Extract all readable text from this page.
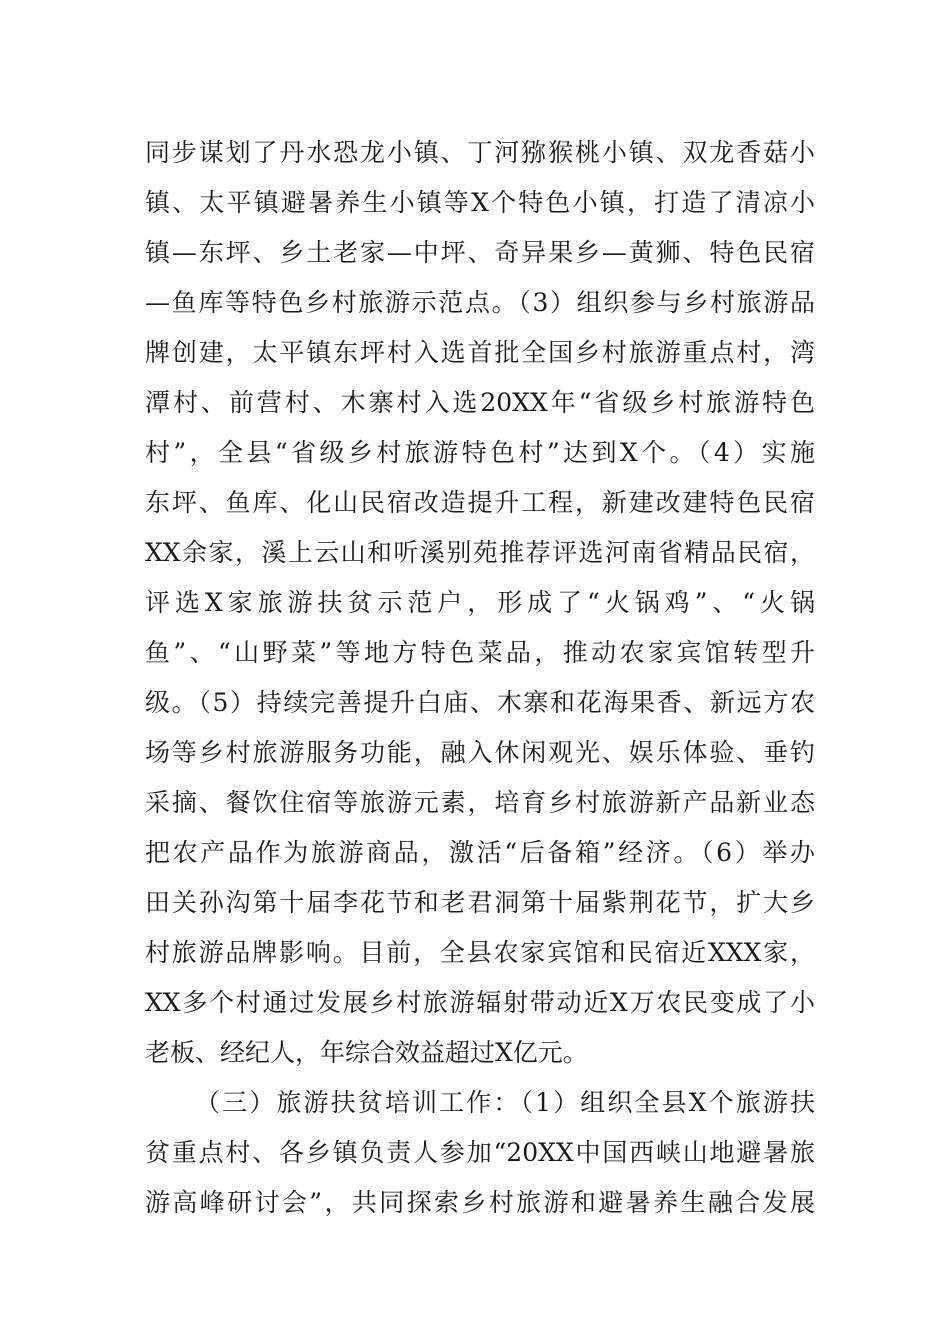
同步谋划了丹水恐龙小镇、丁河猕猴桃小镇、双龙香菇小
镇、太平镇避暑养生小镇等X个特色小镇，打造了清凉小
镇—东坪、乡土老家—中坪、奇异果乡—黄狮、特色民宿
—鱼库等特色乡村旅游示范点。（3）组织参与乡村旅游品
牌创建，太平镇东坪村入选首批全国乡村旅游重点村，湾
潭村、前营村、木寨村入选20XX年“省级乡村旅游特色
村”，全县“省级乡村旅游特色村”达到X个。（4）实施
东坪、鱼库、化山民宿改造提升工程，新建改建特色民宿
XX余家，溪上云山和听溪别苑推荐评选河南省精品民宿，
评选X家旅游扶贫示范户，形成了“火锅鸡”、“火锅
鱼”、“山野菜”等地方特色菜品，推动农家宾馆转型升
级。（5）持续完善提升白庙、木寨和花海果香、新远方农
场等乡村旅游服务功能，融入休闲观光、娱乐体验、垂钓
采摘、餐饮住宿等旅游元素，培育乡村旅游新产品新业态
把农产品作为旅游商品，激活“后备箱”经济。（6）举办
田关孙沟第十届李花节和老君洞第十届紫荆花节，扩大乡
村旅游品牌影响。目前，全县农家宾馆和民宿近XXX家，
XX多个村通过发展乡村旅游辐射带动近X万农民变成了小
老板、经纪人，年综合效益超过X亿元。
（三）旅游扶贫培训工作：（1）组织全县X个旅游扶
贫重点村、各乡镇负责人参加“20XX中国西峡山地避暑旅
游高峰研讨会”，共同探索乡村旅游和避暑养生融合发展
